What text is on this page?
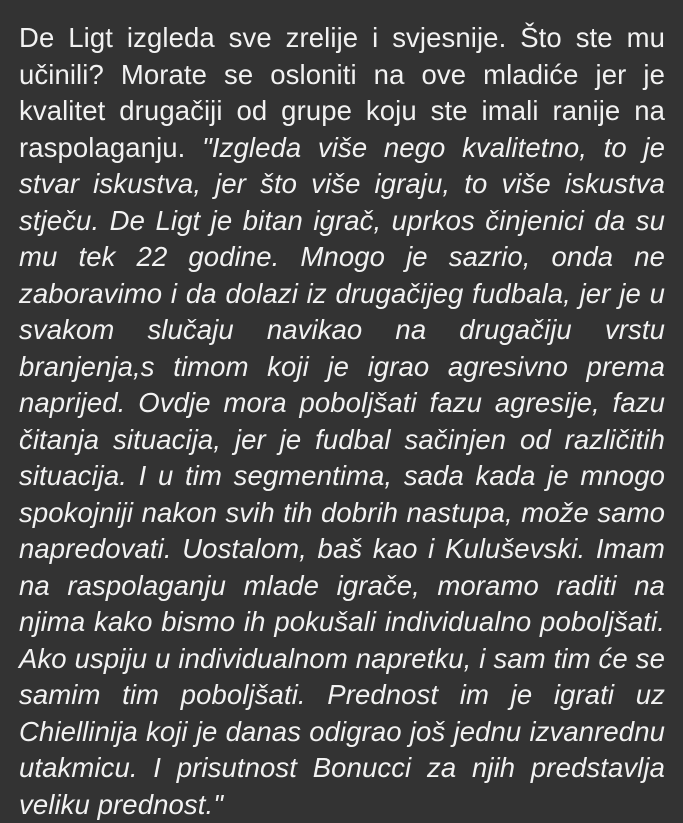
De Ligt izgleda sve zrelije i svjesnije. Što ste mu učinili? Morate se osloniti na ove mladiće jer je kvalitet drugačiji od grupe koju ste imali ranije na raspolaganju. "Izgleda više nego kvalitetno, to je stvar iskustva, jer što više igraju, to više iskustva stječu. De Ligt je bitan igrač, uprkos činjenici da su mu tek 22 godine. Mnogo je sazrio, onda ne zaboravimo i da dolazi iz drugačijeg fudbala, jer je u svakom slučaju navikao na drugačiju vrstu branjenja,s timom koji je igrao agresivno prema naprijed. Ovdje mora poboljšati fazu agresije, fazu čitanja situacija, jer je fudbal sačinjen od različitih situacija. I u tim segmentima, sada kada je mnogo spokojniji nakon svih tih dobrih nastupa, može samo napredovati. Uostalom, baš kao i Kuluševski. Imam na raspolaganju mlade igrače, moramo raditi na njima kako bismo ih pokušali individualno poboljšati. Ako uspiju u individualnom napretku, i sam tim će se samim tim poboljšati. Prednost im je igrati uz Chiellinija koji je danas odigrao još jednu izvanrednu utakmicu. I prisutnost Bonucci za njih predstavlja veliku prednost."
